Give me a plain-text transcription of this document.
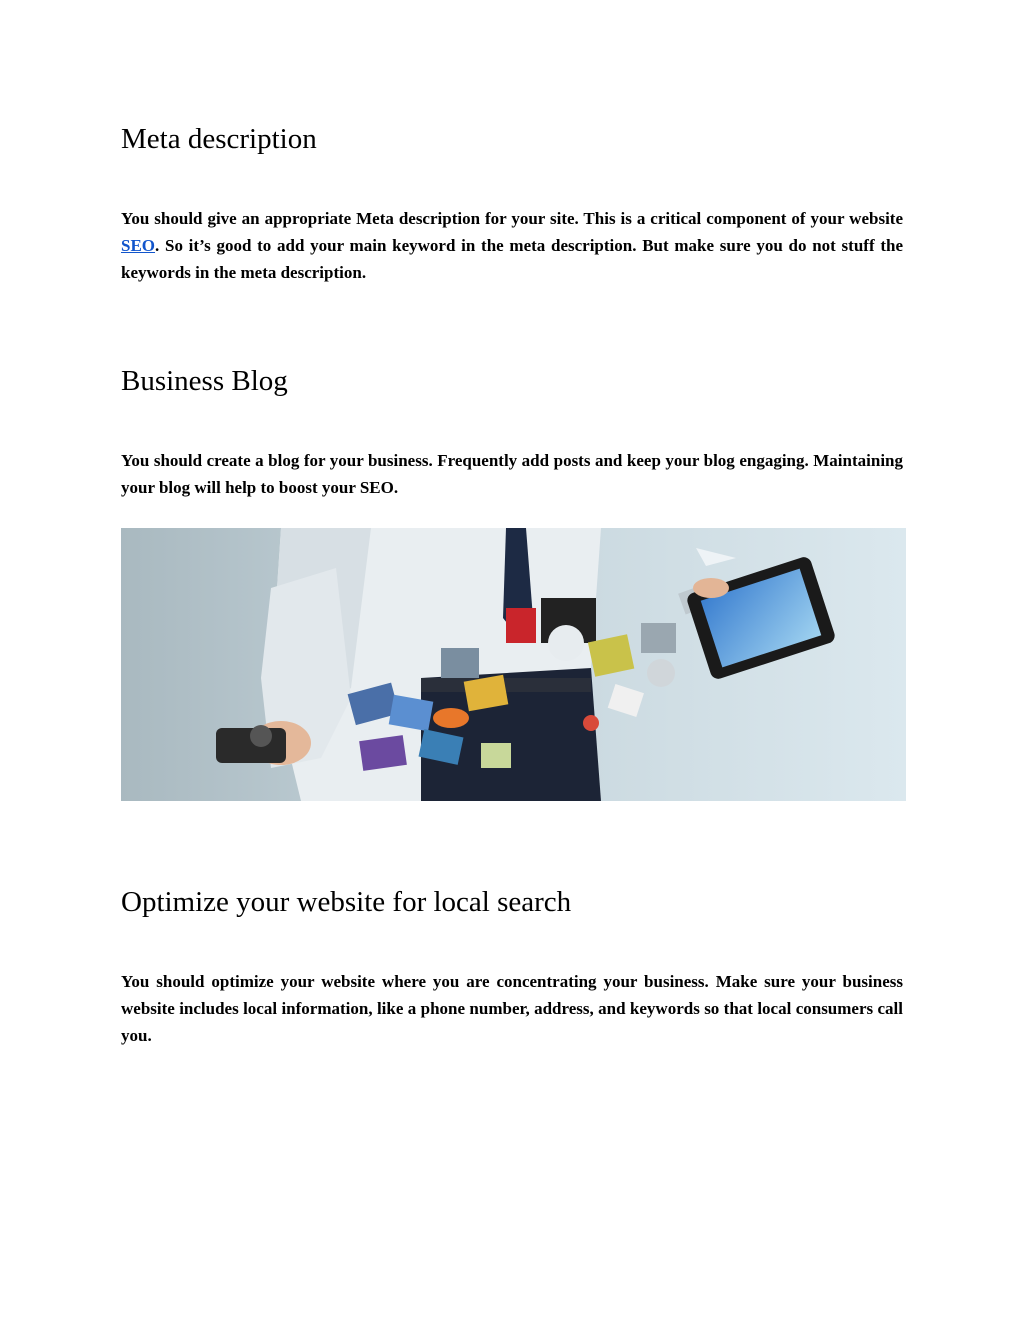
Meta description

You should give an appropriate Meta description for your site. This is a critical component of your website SEO. So it’s good to add your main keyword in the meta description. But make sure you do not stuff the keywords in the meta description.

Business Blog

You should create a blog for your business. Frequently add posts and keep your blog engaging. Maintaining your blog will help to boost your SEO.

Optimize your website for local search

You should optimize your website where you are concentrating your business. Make sure your business website includes local information, like a phone number, address, and keywords so that local consumers call you.
